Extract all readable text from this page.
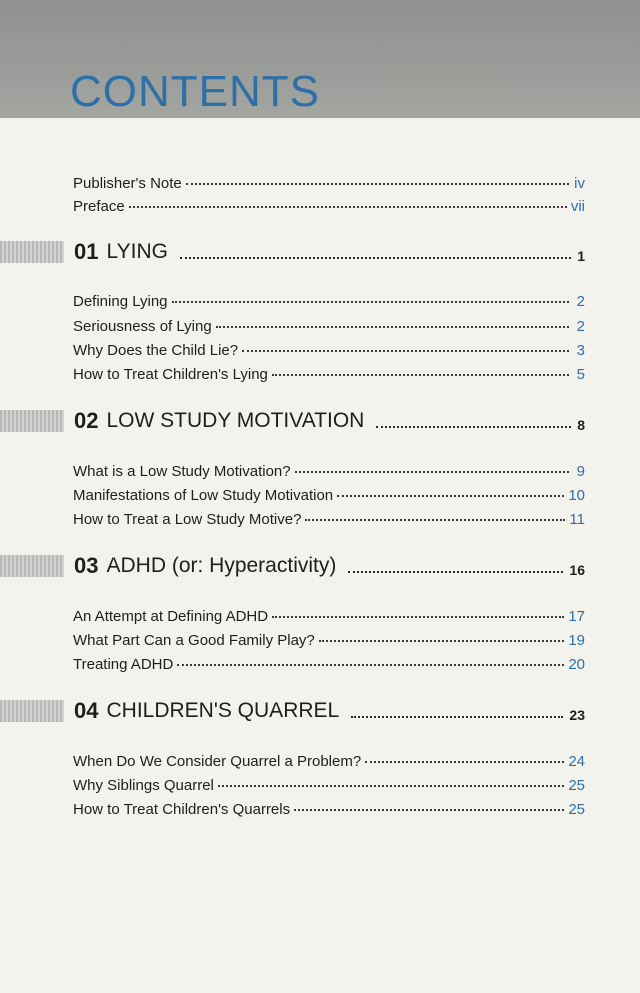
CONTENTS
Publisher's Note	iv
Preface	vii
01 LYING	1
Defining Lying	2
Seriousness of Lying	2
Why Does the Child Lie?	3
How to Treat Children's Lying	5
02 LOW STUDY MOTIVATION	8
What is a Low Study Motivation?	9
Manifestations of Low Study Motivation	10
How to Treat a Low Study Motive?	11
03 ADHD (or: Hyperactivity)	16
An Attempt at Defining ADHD	17
What Part Can a Good Family Play?	19
Treating ADHD	20
04 CHILDREN'S QUARREL	23
When Do We Consider Quarrel a Problem?	24
Why Siblings Quarrel	25
How to Treat Children's Quarrels	25
